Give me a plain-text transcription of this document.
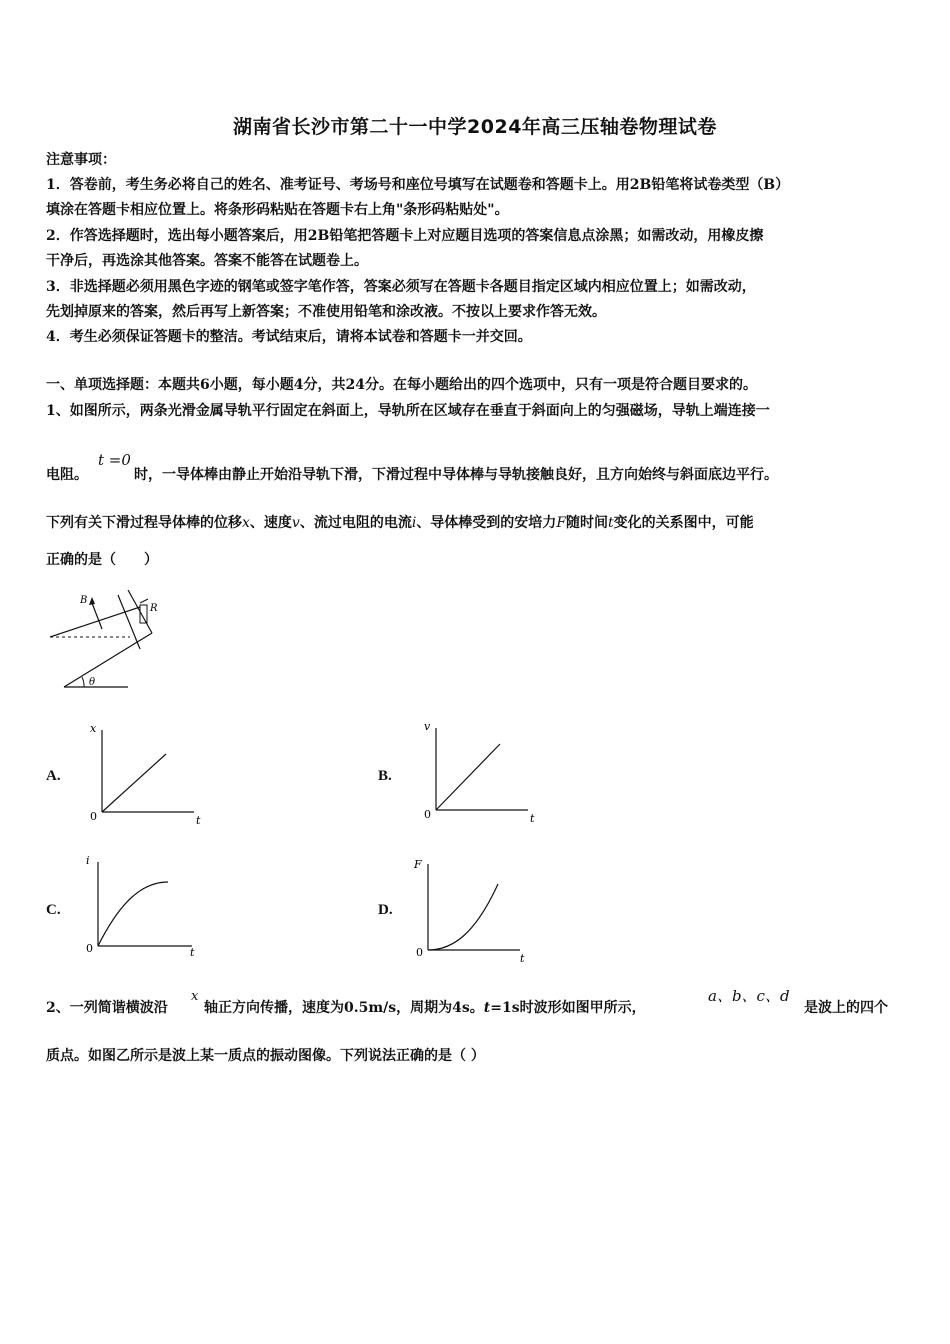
湖南省长沙市第二十一中学2024年高三压轴卷物理试卷
注意事项：
1．答卷前，考生务必将自己的姓名、准考证号、考场号和座位号填写在试题卷和答题卡上。用2B铅笔将试卷类型（B）
填涂在答题卡相应位置上。将条形码粘贴在答题卡右上角"条形码粘贴处"。
2．作答选择题时，选出每小题答案后，用2B铅笔把答题卡上对应题目选项的答案信息点涂黑；如需改动，用橡皮擦
干净后，再选涂其他答案。答案不能答在试题卷上。
3．非选择题必须用黑色字迹的钢笔或签字笔作答，答案必须写在答题卡各题目指定区域内相应位置上；如需改动，
先划掉原来的答案，然后再写上新答案；不准使用铅笔和涂改液。不按以上要求作答无效。
4．考生必须保证答题卡的整洁。考试结束后，请将本试卷和答题卡一并交回。
一、单项选择题：本题共6小题，每小题4分，共24分。在每小题给出的四个选项中，只有一项是符合题目要求的。
1、如图所示，两条光滑金属导轨平行固定在斜面上，导轨所在区域存在垂直于斜面向上的匀强磁场，导轨上端连接一
t =0
电阻。	时，一导体棒由静止开始沿导轨下滑，下滑过程中导体棒与导轨接触良好，且方向始终与斜面底边平行。
下列有关下滑过程导体棒的位移x、速度v、流过电阻的电流i、导体棒受到的安培力F随时间t变化的关系图中，可能
正确的是（　　）
B
R
θ
A.
x
t
0
B.
v
t
0
C.
i
t
0
D.
F
t
0
a、b、c、d
x
2、一列简谐横波沿	轴正方向传播，速度为0.5m/s，周期为4s。t=1s时波形如图甲所示，	是波上的四个
质点。如图乙所示是波上某一质点的振动图像。下列说法正确的是（ ）
